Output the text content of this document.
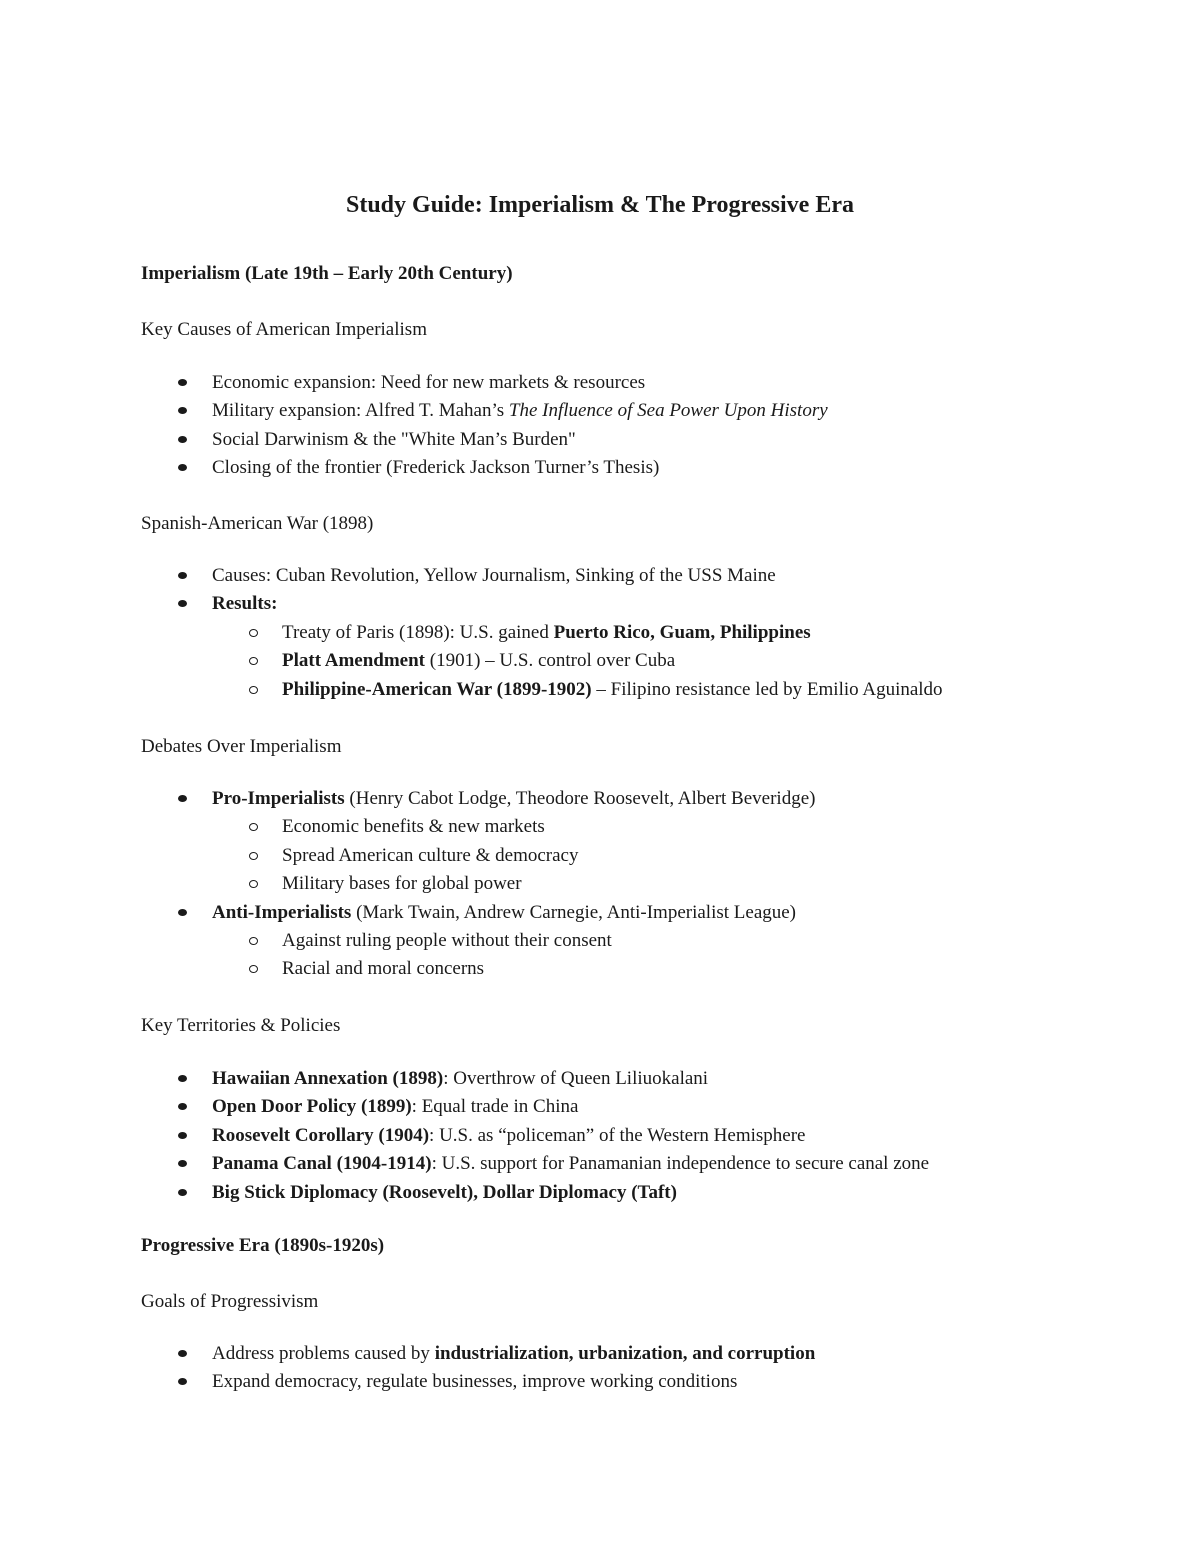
Study Guide: Imperialism & The Progressive Era
Imperialism (Late 19th – Early 20th Century)
Key Causes of American Imperialism
Economic expansion: Need for new markets & resources
Military expansion: Alfred T. Mahan’s The Influence of Sea Power Upon History
Social Darwinism & the "White Man’s Burden"
Closing of the frontier (Frederick Jackson Turner’s Thesis)
Spanish-American War (1898)
Causes: Cuban Revolution, Yellow Journalism, Sinking of the USS Maine
Results:
Treaty of Paris (1898): U.S. gained Puerto Rico, Guam, Philippines
Platt Amendment (1901) – U.S. control over Cuba
Philippine-American War (1899-1902) – Filipino resistance led by Emilio Aguinaldo
Debates Over Imperialism
Pro-Imperialists (Henry Cabot Lodge, Theodore Roosevelt, Albert Beveridge)
Economic benefits & new markets
Spread American culture & democracy
Military bases for global power
Anti-Imperialists (Mark Twain, Andrew Carnegie, Anti-Imperialist League)
Against ruling people without their consent
Racial and moral concerns
Key Territories & Policies
Hawaiian Annexation (1898): Overthrow of Queen Liliuokalani
Open Door Policy (1899): Equal trade in China
Roosevelt Corollary (1904): U.S. as “policeman” of the Western Hemisphere
Panama Canal (1904-1914): U.S. support for Panamanian independence to secure canal zone
Big Stick Diplomacy (Roosevelt), Dollar Diplomacy (Taft)
Progressive Era (1890s-1920s)
Goals of Progressivism
Address problems caused by industrialization, urbanization, and corruption
Expand democracy, regulate businesses, improve working conditions
